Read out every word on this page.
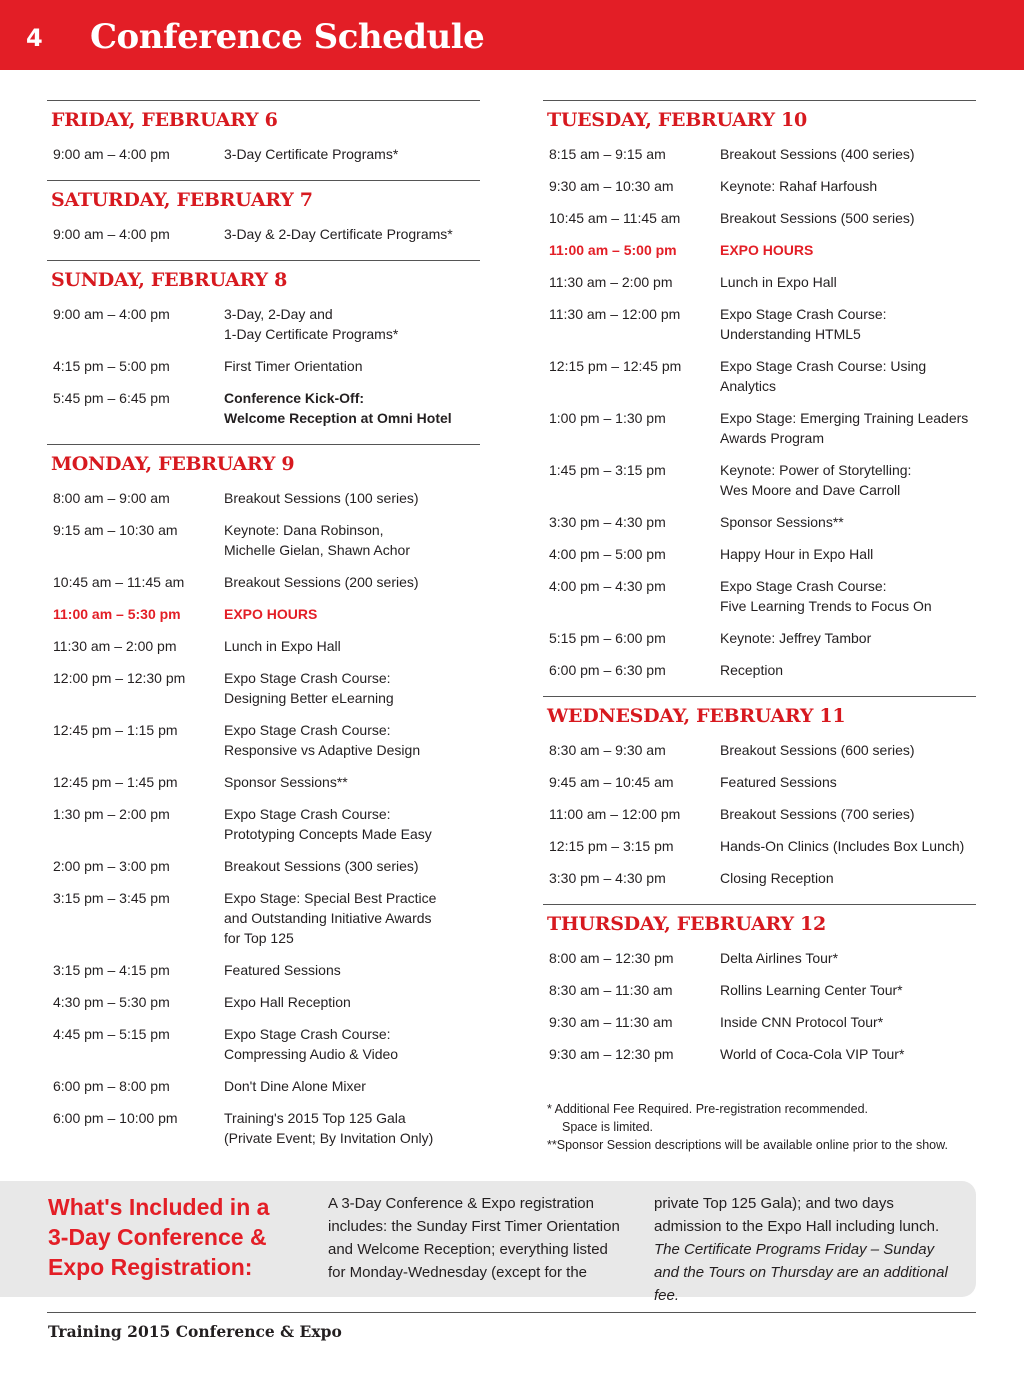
4 Conference Schedule
FRIDAY, FEBRUARY 6
9:00 am – 4:00 pm	3-Day Certificate Programs*
SATURDAY, FEBRUARY 7
9:00 am – 4:00 pm	3-Day & 2-Day Certificate Programs*
SUNDAY, FEBRUARY 8
9:00 am – 4:00 pm	3-Day, 2-Day and
1-Day Certificate Programs*
4:15 pm – 5:00 pm	First Timer Orientation
5:45 pm – 6:45 pm	Conference Kick-Off:
Welcome Reception at Omni Hotel
MONDAY, FEBRUARY 9
8:00 am – 9:00 am	Breakout Sessions (100 series)
9:15 am – 10:30 am	Keynote: Dana Robinson,
Michelle Gielan, Shawn Achor
10:45 am – 11:45 am	Breakout Sessions (200 series)
11:00 am – 5:30 pm	EXPO HOURS
11:30 am – 2:00 pm	Lunch in Expo Hall
12:00 pm – 12:30 pm	Expo Stage Crash Course:
Designing Better eLearning
12:45 pm – 1:15 pm	Expo Stage Crash Course:
Responsive vs Adaptive Design
12:45 pm – 1:45 pm	Sponsor Sessions**
1:30 pm – 2:00 pm	Expo Stage Crash Course:
Prototyping Concepts Made Easy
2:00 pm – 3:00 pm	Breakout Sessions (300 series)
3:15 pm – 3:45 pm	Expo Stage: Special Best Practice
and Outstanding Initiative Awards
for Top 125
3:15 pm – 4:15 pm	Featured Sessions
4:30 pm – 5:30 pm	Expo Hall Reception
4:45 pm – 5:15 pm	Expo Stage Crash Course:
Compressing Audio & Video
6:00 pm – 8:00 pm	Don't Dine Alone Mixer
6:00 pm – 10:00 pm	Training's 2015 Top 125 Gala
(Private Event; By Invitation Only)
TUESDAY, FEBRUARY 10
8:15 am – 9:15 am	Breakout Sessions (400 series)
9:30 am – 10:30 am	Keynote: Rahaf Harfoush
10:45 am – 11:45 am	Breakout Sessions (500 series)
11:00 am – 5:00 pm	EXPO HOURS
11:30 am – 2:00 pm	Lunch in Expo Hall
11:30 am – 12:00 pm	Expo Stage Crash Course:
Understanding HTML5
12:15 pm – 12:45 pm	Expo Stage Crash Course: Using
Analytics
1:00 pm – 1:30 pm	Expo Stage: Emerging Training Leaders
Awards Program
1:45 pm – 3:15 pm	Keynote: Power of Storytelling:
Wes Moore and Dave Carroll
3:30 pm – 4:30 pm	Sponsor Sessions**
4:00 pm – 5:00 pm	Happy Hour in Expo Hall
4:00 pm – 4:30 pm	Expo Stage Crash Course:
Five Learning Trends to Focus On
5:15 pm – 6:00 pm	Keynote: Jeffrey Tambor
6:00 pm – 6:30 pm	Reception
WEDNESDAY, FEBRUARY 11
8:30 am – 9:30 am	Breakout Sessions (600 series)
9:45 am – 10:45 am	Featured Sessions
11:00 am – 12:00 pm	Breakout Sessions (700 series)
12:15 pm – 3:15 pm	Hands-On Clinics (Includes Box Lunch)
3:30 pm – 4:30 pm	Closing Reception
THURSDAY, FEBRUARY 12
8:00 am – 12:30 pm	Delta Airlines Tour*
8:30 am – 11:30 am	Rollins Learning Center Tour*
9:30 am – 11:30 am	Inside CNN Protocol Tour*
9:30 am – 12:30 pm	World of Coca-Cola VIP Tour*
* Additional Fee Required. Pre-registration recommended.
Space is limited.
**Sponsor Session descriptions will be available online prior to the show.
What's Included in a
3-Day Conference &
Expo Registration:
A 3-Day Conference & Expo registration includes: the Sunday First Timer Orientation and Welcome Reception; everything listed for Monday-Wednesday (except for the
private Top 125 Gala); and two days admission to the Expo Hall including lunch. The Certificate Programs Friday – Sunday and the Tours on Thursday are an additional fee.
Training 2015 Conference & Expo
